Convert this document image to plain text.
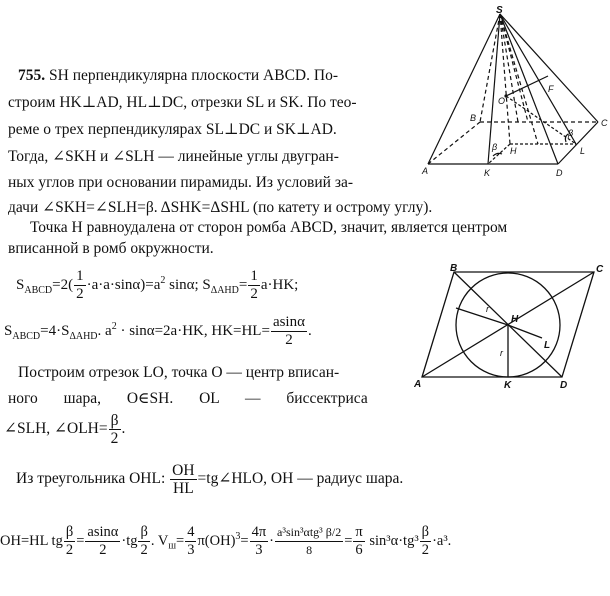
S
O
F
B	C
A	K	D
L
H
β
β
B	C
A	K	D
L
H
r
r
755. SH перпендикулярна плоскости ABCD. По-
строим HK⊥AD, HL⊥DC, отрезки SL и SK. По тео-
реме о трех перпендикулярах SL⊥DC и SK⊥AD.
Тогда, ∠SKH и ∠SLH — линейные углы двугран-
ных углов при основании пирамиды. Из условий за-
дачи ∠SKH=∠SLH=β. ΔSHK=ΔSHL (по катету и острому углу).
Точка H равноудалена от сторон ромба ABCD, значит, является центром
вписанной в ромб окружности.
$S_{ABCD}=2( \frac{1}{2} \cdot a\cdot a\cdot\sin\alpha)=a^2$ sinα; $S_{\Delta AHD}= \frac{1}{2} a\cdot HK$;
$S_{ABCD}=4\cdot S_{\Delta AHD}$. $a^2 \cdot \sin\alpha=2a\cdot HK$, $HK=HL= \frac{asin\alpha}{2}$ .
Построим отрезок LO, точка O — центр вписан-
ного шара, O∈SH. OL — биссектриса
∠SLH, ∠OLH= $\frac{\beta}{2}$ .
Из треугольника OHL: $\frac{OH}{HL}$ =tg∠HLO, OH — радиус шара.
OH=HL tg $\frac{\beta}{2} = \frac{asin\alpha}{2} \cdot tg \frac{\beta}{2}$ . $V_ш= \frac{4}{3} \pi(OH)^3= \frac{4\pi}{3} \cdot \frac{\text{a³sin³αtg³ β/2}}{8} = \frac{\pi}{6} \sin^3\alpha\cdot tg^3 \frac{\beta}{2} \cdot a^3$.
